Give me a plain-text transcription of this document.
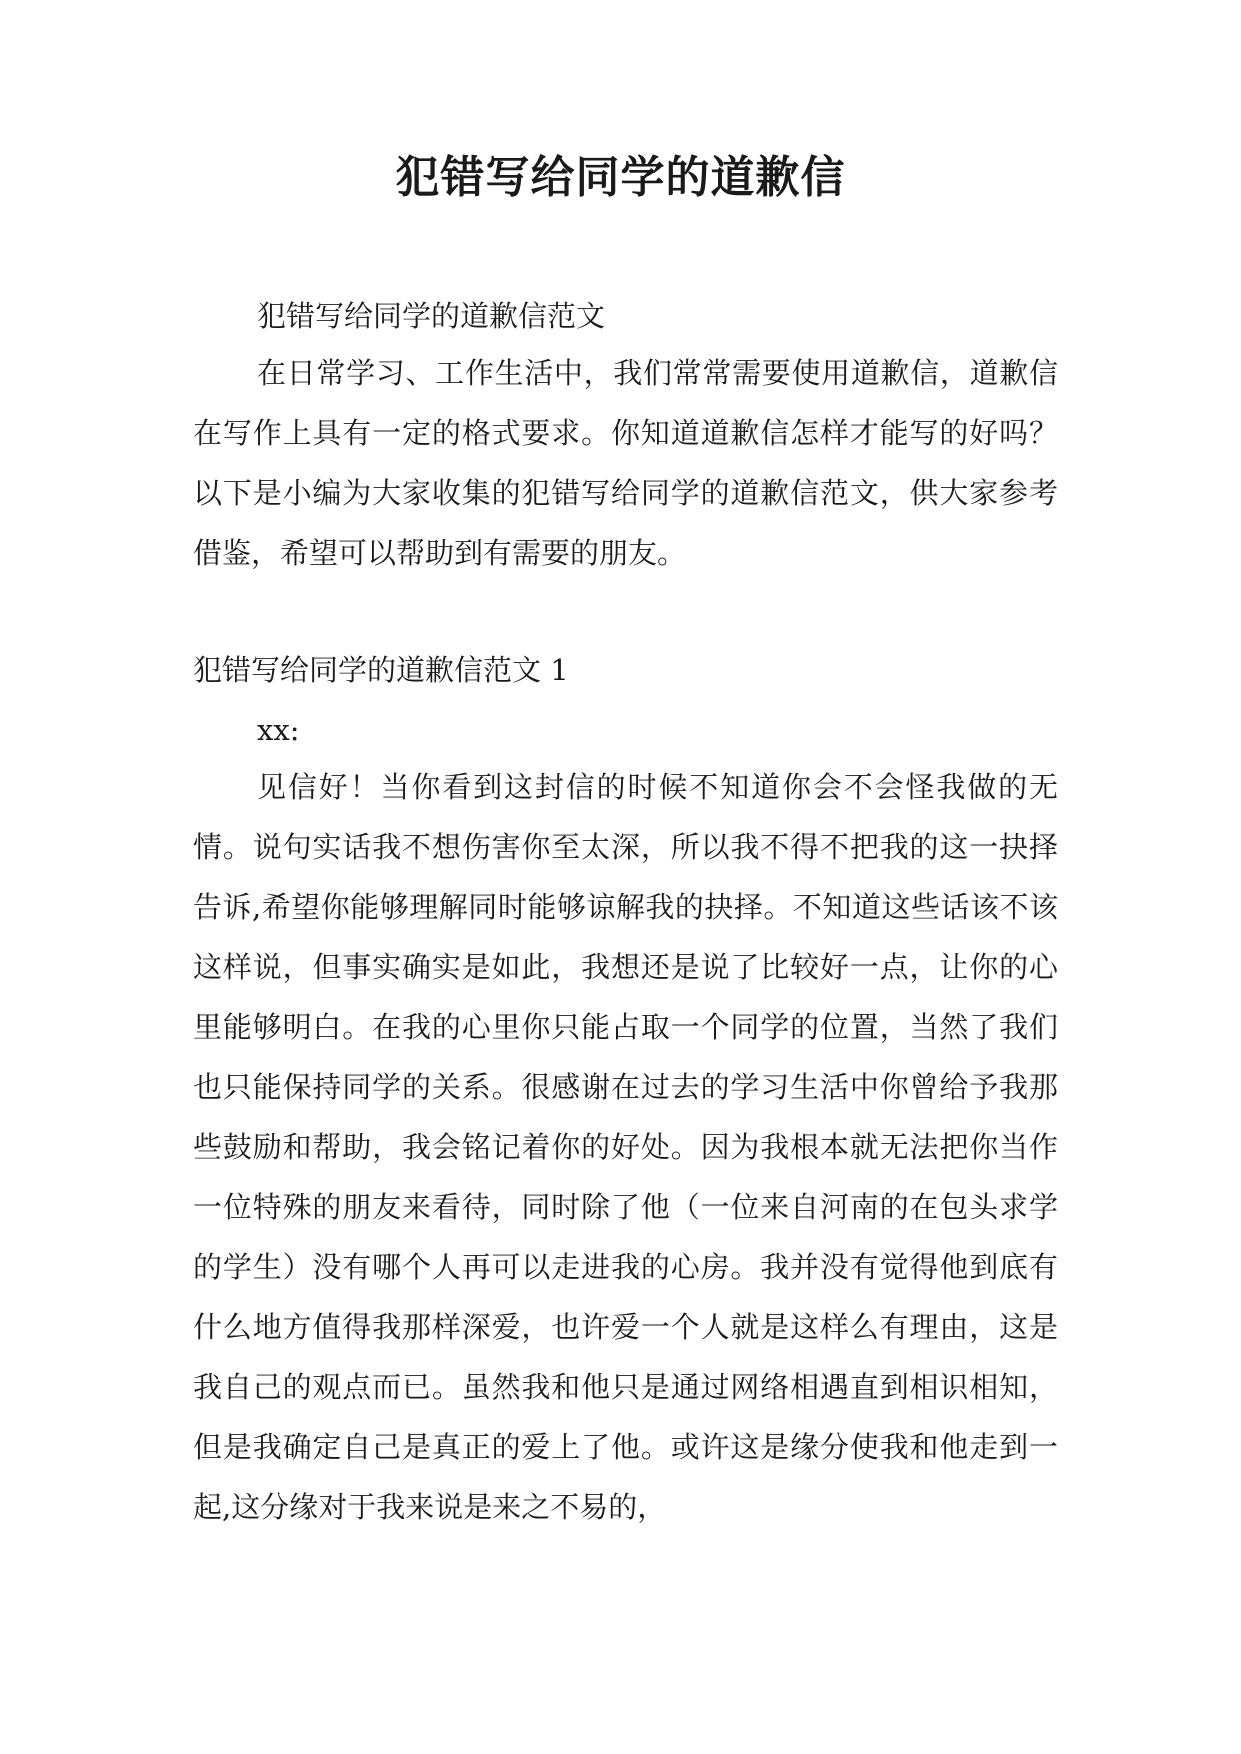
犯错写给同学的道歉信

犯错写给同学的道歉信范文

在日常学习、工作生活中，我们常常需要使用道歉信，道歉信在写作上具有一定的格式要求。你知道道歉信怎样才能写的好吗？以下是小编为大家收集的犯错写给同学的道歉信范文，供大家参考借鉴，希望可以帮助到有需要的朋友。

犯错写给同学的道歉信范文 1

xx:

见信好！当你看到这封信的时候不知道你会不会怪我做的无情。说句实话我不想伤害你至太深，所以我不得不把我的这一抉择告诉,希望你能够理解同时能够谅解我的抉择。不知道这些话该不该这样说，但事实确实是如此，我想还是说了比较好一点，让你的心里能够明白。在我的心里你只能占取一个同学的位置，当然了我们也只能保持同学的关系。很感谢在过去的学习生活中你曾给予我那些鼓励和帮助，我会铭记着你的好处。因为我根本就无法把你当作一位特殊的朋友来看待，同时除了他（一位来自河南的在包头求学的学生）没有哪个人再可以走进我的心房。我并没有觉得他到底有什么地方值得我那样深爱，也许爱一个人就是这样么有理由，这是我自己的观点而已。虽然我和他只是通过网络相遇直到相识相知，但是我确定自己是真正的爱上了他。或许这是缘分使我和他走到一起,这分缘对于我来说是来之不易的，
